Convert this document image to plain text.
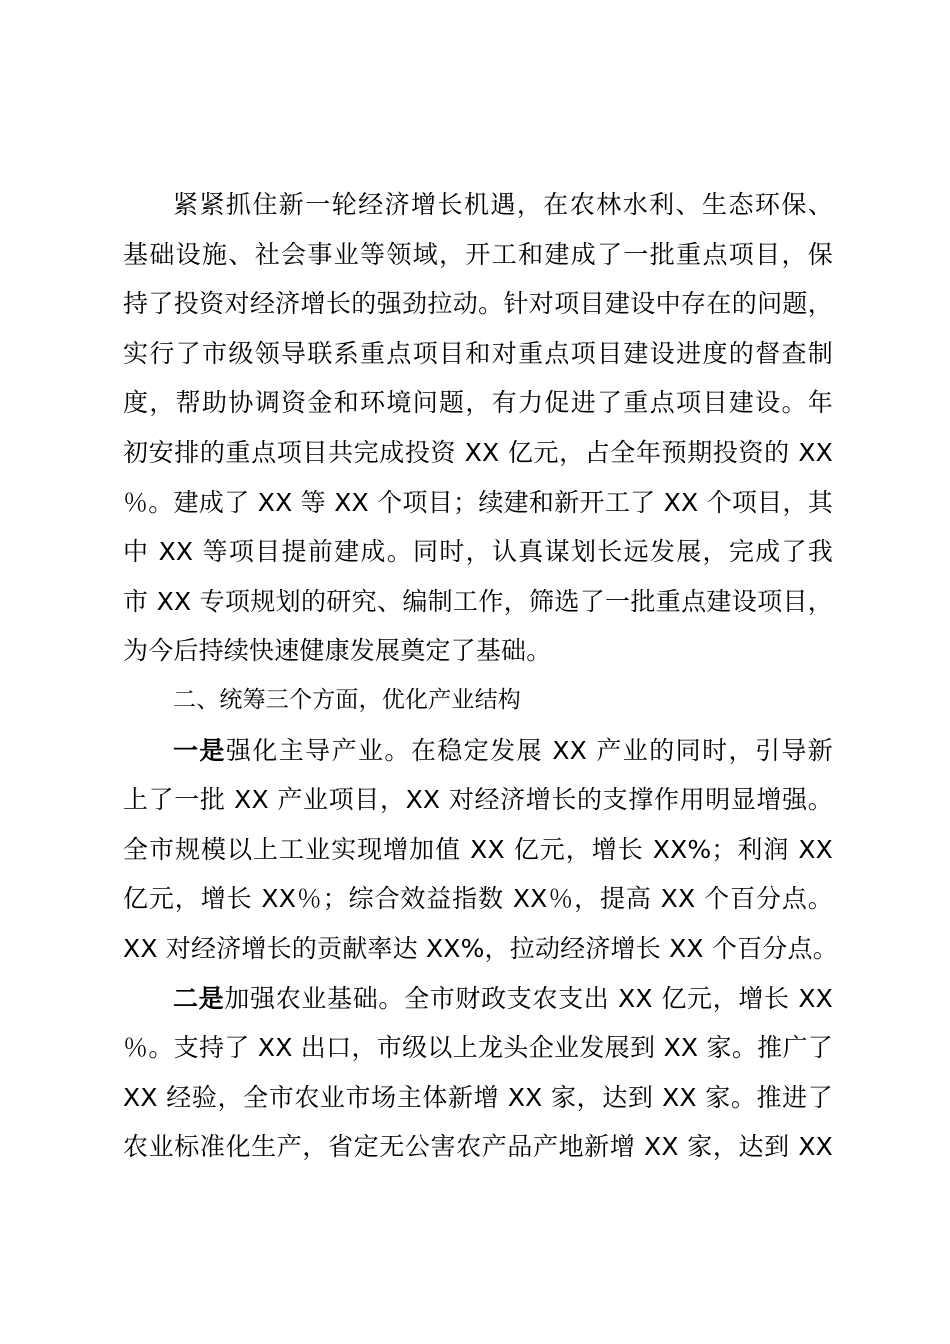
紧紧抓住新一轮经济增长机遇，在农林水利、生态环保、
基础设施、社会事业等领域，开工和建成了一批重点项目，保
持了投资对经济增长的强劲拉动。针对项目建设中存在的问题，
实行了市级领导联系重点项目和对重点项目建设进度的督查制
度，帮助协调资金和环境问题，有力促进了重点项目建设。年
初安排的重点项目共完成投资 XX 亿元，占全年预期投资的 XX
％。建成了 XX 等 XX 个项目；续建和新开工了 XX 个项目，其
中 XX 等项目提前建成。同时，认真谋划长远发展，完成了我
市 XX 专项规划的研究、编制工作，筛选了一批重点建设项目，
为今后持续快速健康发展奠定了基础。
二、统筹三个方面，优化产业结构
一是强化主导产业。在稳定发展 XX 产业的同时，引导新
上了一批 XX 产业项目，XX 对经济增长的支撑作用明显增强。
全市规模以上工业实现增加值 XX 亿元，增长 XX%；利润 XX
亿元，增长 XX％；综合效益指数 XX％，提高 XX 个百分点。
XX 对经济增长的贡献率达 XX%，拉动经济增长 XX 个百分点。
二是加强农业基础。全市财政支农支出 XX 亿元，增长 XX
％。支持了 XX 出口，市级以上龙头企业发展到 XX 家。推广了
XX 经验，全市农业市场主体新增 XX 家，达到 XX 家。推进了
农业标准化生产，省定无公害农产品产地新增 XX 家，达到 XX
